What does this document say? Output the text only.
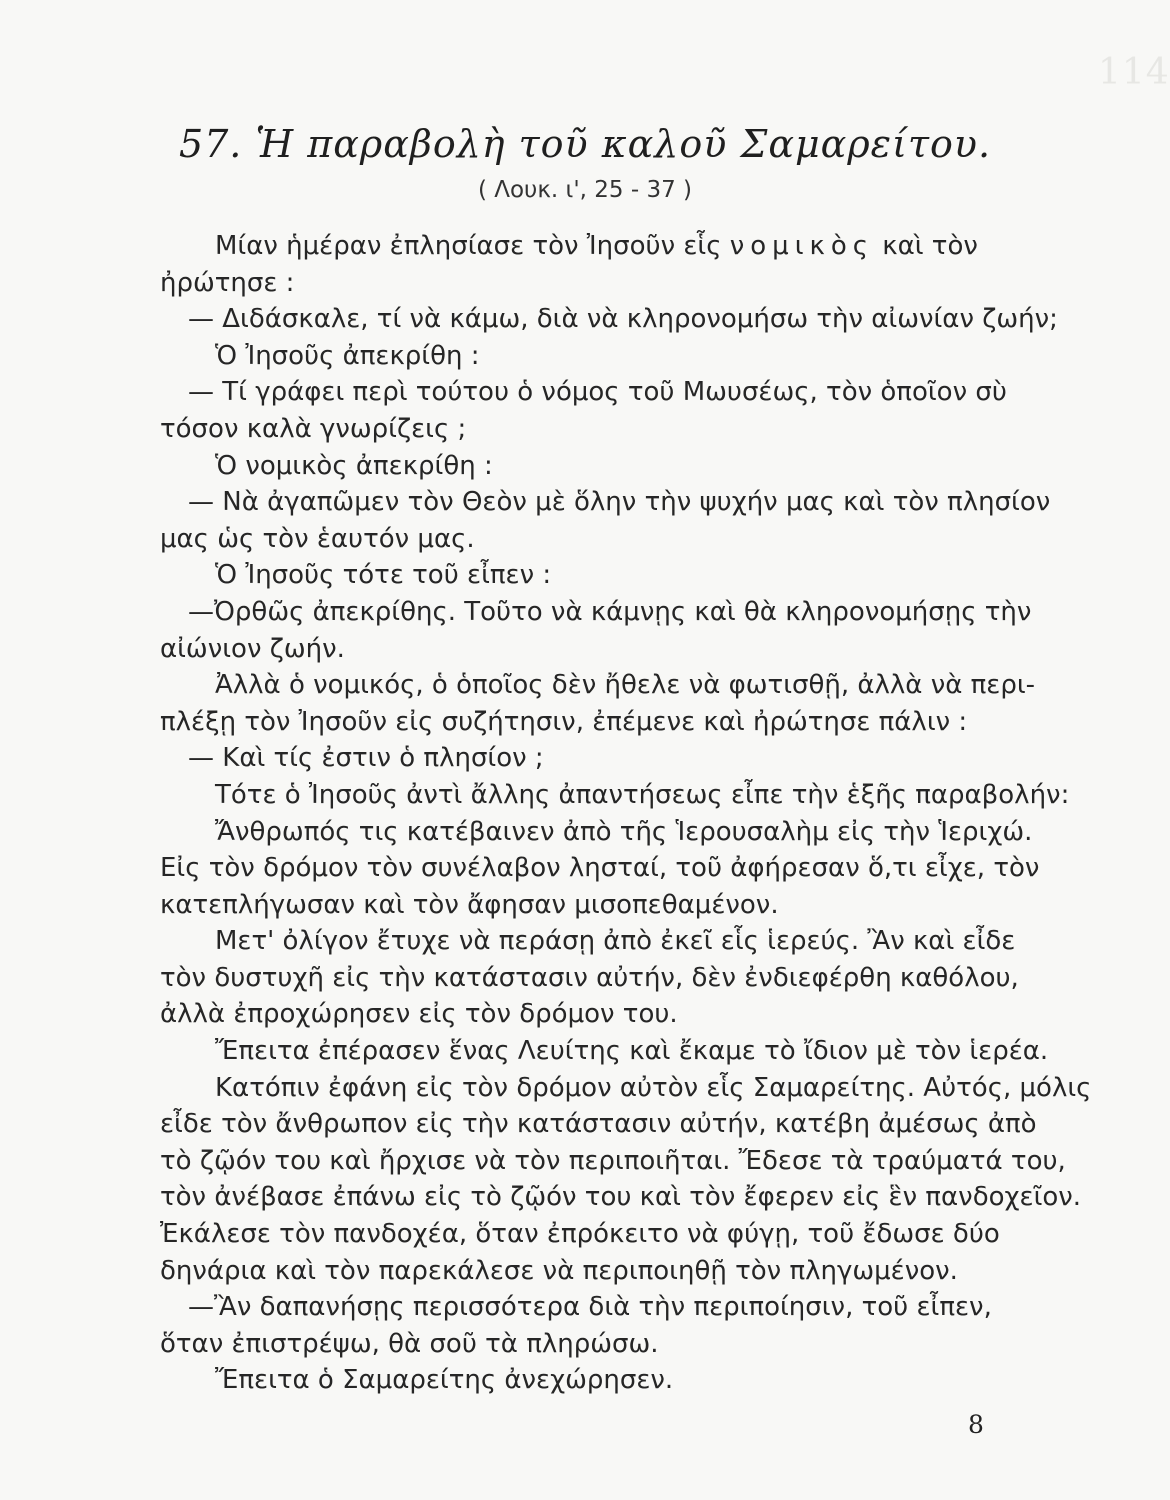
114
57. Ἡ παραβολὴ τοῦ καλοῦ Σαμαρείτου.
( Λουκ. ι', 25 - 37 )
Μίαν ἡμέραν ἐπλησίασε τὸν Ἰησοῦν εἷς νομικὸς καὶ τὸν
ἠρώτησε :
— Διδάσκαλε, τί νὰ κάμω, διὰ νὰ κληρονομήσω τὴν αἰωνίαν ζωήν;
Ὁ Ἰησοῦς ἀπεκρίθη :
— Τί γράφει περὶ τούτου ὁ νόμος τοῦ Μωυσέως, τὸν ὁποῖον σὺ
τόσον καλὰ γνωρίζεις ;
Ὁ νομικὸς ἀπεκρίθη :
— Νὰ ἀγαπῶμεν τὸν Θεὸν μὲ ὅλην τὴν ψυχήν μας καὶ τὸν πλησίον
μας ὡς τὸν ἑαυτόν μας.
Ὁ Ἰησοῦς τότε τοῦ εἶπεν :
—Ὀρθῶς ἀπεκρίθης. Τοῦτο νὰ κάμνῃς καὶ θὰ κληρονομήσῃς τὴν
αἰώνιον ζωήν.
Ἀλλὰ ὁ νομικός, ὁ ὁποῖος δὲν ἤθελε νὰ φωτισθῇ, ἀλλὰ νὰ περι-
πλέξῃ τὸν Ἰησοῦν εἰς συζήτησιν, ἐπέμενε καὶ ἠρώτησε πάλιν :
— Καὶ τίς ἐστιν ὁ πλησίον ;
Τότε ὁ Ἰησοῦς ἀντὶ ἄλλης ἀπαντήσεως εἶπε τὴν ἑξῆς παραβολήν:
Ἄνθρωπός τις κατέβαινεν ἀπὸ τῆς Ἱερουσαλὴμ εἰς τὴν Ἱεριχώ.
Εἰς τὸν δρόμον τὸν συνέλαβον λησταί, τοῦ ἀφήρεσαν ὅ,τι εἶχε, τὸν
κατεπλήγωσαν καὶ τὸν ἄφησαν μισοπεθαμένον.
Μετ' ὀλίγον ἔτυχε νὰ περάσῃ ἀπὸ ἐκεῖ εἷς ἱερεύς. Ἂν καὶ εἶδε
τὸν δυστυχῆ εἰς τὴν κατάστασιν αὐτήν, δὲν ἐνδιεφέρθη καθόλου,
ἀλλὰ ἐπροχώρησεν εἰς τὸν δρόμον του.
Ἔπειτα ἐπέρασεν ἕνας Λευίτης καὶ ἔκαμε τὸ ἴδιον μὲ τὸν ἱερέα.
Κατόπιν ἐφάνη εἰς τὸν δρόμον αὐτὸν εἷς Σαμαρείτης. Αὐτός, μόλις
εἶδε τὸν ἄνθρωπον εἰς τὴν κατάστασιν αὐτήν, κατέβη ἀμέσως ἀπὸ
τὸ ζῷόν του καὶ ἤρχισε νὰ τὸν περιποιῆται. Ἔδεσε τὰ τραύματά του,
τὸν ἀνέβασε ἐπάνω εἰς τὸ ζῷόν του καὶ τὸν ἔφερεν εἰς ἓν πανδοχεῖον.
Ἐκάλεσε τὸν πανδοχέα, ὅταν ἐπρόκειτο νὰ φύγῃ, τοῦ ἔδωσε δύο
δηνάρια καὶ τὸν παρεκάλεσε νὰ περιποιηθῇ τὸν πληγωμένον.
—Ἂν δαπανήσῃς περισσότερα διὰ τὴν περιποίησιν, τοῦ εἶπεν,
ὅταν ἐπιστρέψω, θὰ σοῦ τὰ πληρώσω.
Ἔπειτα ὁ Σαμαρείτης ἀνεχώρησεν.
8
